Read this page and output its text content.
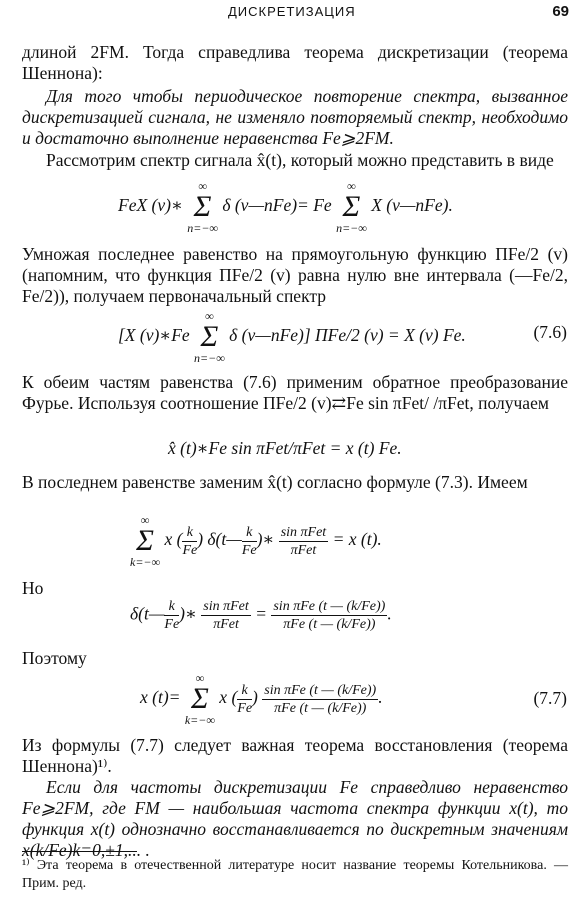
ДИСКРЕТИЗАЦИЯ	69

длиной 2FM. Тогда справедлива теорема дискретизации (теорема Шеннона):

Для того чтобы периодическое повторение спектра, вызванное дискретизацией сигнала, не изменяло повторяемый спектр, необходимо и достаточно выполнение неравенства Fe⩾2FM.

Рассмотрим спектр сигнала x̂(t), который можно представить в виде

FeX (v)∗
∞
Σ
n=−∞
δ (v—nFe)= Fe
∞
Σ
n=−∞
X (v—nFe).

Умножая последнее равенство на прямоугольную функцию ΠFe/2 (v) (напомним, что функция ΠFe/2 (v) равна нулю вне интервала (—Fe/2, Fe/2)), получаем первоначальный спектр

[X (v)∗Fe
∞
Σ
n=−∞
δ (v—nFe)] ΠFe/2 (v) = X (v) Fe.	(7.6)

К обеим частям равенства (7.6) применим обратное преобразование Фурье. Используя соотношение ΠFe/2 (v)⇄Fe sin πFet/ /πFet, получаем

x̂ (t)∗Fe sin πFet/πFet = x (t) Fe.

В последнем равенстве заменим x̂(t) согласно формуле (7.3). Имеем

∞
Σ
k=−∞
x ( $\frac{k}{Fe}$ ) δ(t— $\frac{k}{Fe}$ )∗ $\frac{\text{sin πFet}}{\text{πFet}} = x$ (t).

Но

δ(t— $\frac{k}{Fe}$ )∗ $\frac{\text{sin πFet}}{\text{πFet}} = \frac{\text{sin πFe (t — (k/Fe))}}{\text{πFe (t — (k/Fe))}}$ .

Поэтому

x (t)=
∞
Σ
k=−∞
x ( $\frac{k}{Fe}$ ) $\frac{\text{sin πFe (t — (k/Fe))}}{\text{πFe (t — (k/Fe))}}$ .	(7.7)

Из формулы (7.7) следует важная теорема восстановления (теорема Шеннона)¹⁾.

Если для частоты дискретизации Fe справедливо неравенство Fe⩾2FM, где FM — наибольшая частота спектра функции x(t), то функция x(t) однозначно восстанавливается по дискретным значениям x(k/Fe)k=0,±1,... .

¹⁾ Эта теорема в отечественной литературе носит название теоремы Котельникова. — Прим. ред.
